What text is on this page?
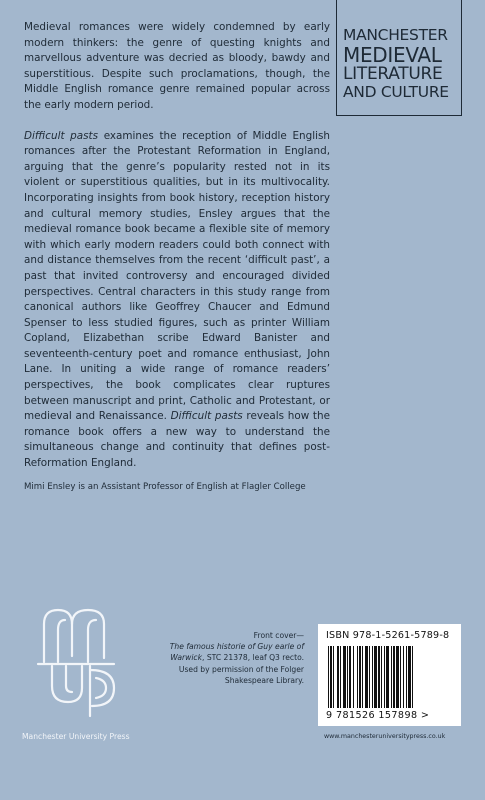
Medieval romances were widely condemned by early modern thinkers: the genre of questing knights and marvellous adventure was decried as bloody, bawdy and superstitious. Despite such proclamations, though, the Middle English romance genre remained popular across the early modern period.

Difficult pasts examines the reception of Middle English romances after the Protestant Reformation in England, arguing that the genre’s popularity rested not in its violent or superstitious qualities, but in its multivocality. Incorporating insights from book history, reception history and cultural memory studies, Ensley argues that the medieval romance book became a flexible site of memory with which early modern readers could both connect with and distance themselves from the recent ‘difficult past’, a past that invited controversy and encouraged divided perspectives. Central characters in this study range from canonical authors like Geoffrey Chaucer and Edmund Spenser to less studied figures, such as printer William Copland, Elizabethan scribe Edward Banister and seventeenth-century poet and romance enthusiast, John Lane. In uniting a wide range of romance readers’ perspectives, the book complicates clear ruptures between manuscript and print, Catholic and Protestant, or medieval and Renaissance. Difficult pasts reveals how the romance book offers a new way to understand the simultaneous change and continuity that defines post-Reformation England.

MANCHESTER
MEDIEVAL
LITERATURE
AND CULTURE
Mimi Ensley is an Assistant Professor of English at Flagler College
Manchester University Press
Front cover—
The famous historie of Guy earle of Warwick, STC 21378, leaf Q3 recto. Used by permission of the Folger Shakespeare Library.
ISBN 978-1-5261-5789-8
9 781526 157898 >
www.manchesteruniversitypress.co.uk
